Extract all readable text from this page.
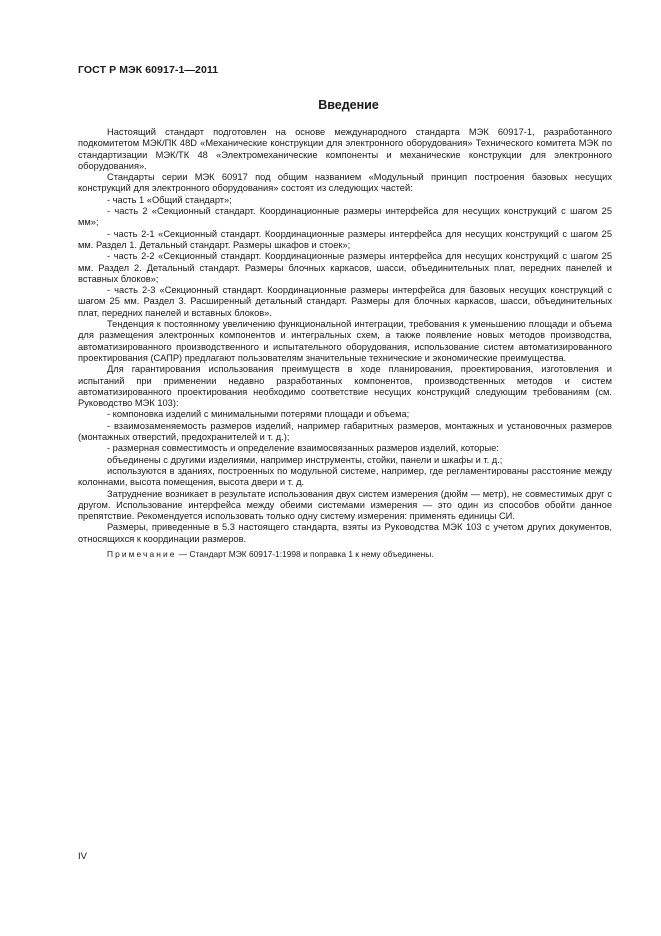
ГОСТ Р МЭК 60917-1—2011
Введение

Настоящий стандарт подготовлен на основе международного стандарта МЭК 60917-1, разработанного подкомитетом МЭК/ПК 48D «Механические конструкции для электронного оборудования» Технического комитета МЭК по стандартизации МЭК/ТК 48 «Электромеханические компоненты и механические конструкции для электронного оборудования».

Стандарты серии МЭК 60917 под общим названием «Модульный принцип построения базовых несущих конструкций для электронного оборудования» состоят из следующих частей:

- часть 1 «Общий стандарт»;

- часть 2 «Секционный стандарт. Координационные размеры интерфейса для несущих конструкций с шагом 25 мм»;

- часть 2-1 «Секционный стандарт. Координационные размеры интерфейса для несущих конструкций с шагом 25 мм. Раздел 1. Детальный стандарт. Размеры шкафов и стоек»;

- часть 2-2 «Секционный стандарт. Координационные размеры интерфейса для несущих конструкций с шагом 25 мм. Раздел 2. Детальный стандарт. Размеры блочных каркасов, шасси, объединительных плат, передних панелей и вставных блоков»;

- часть 2-3 «Секционный стандарт. Координационные размеры интерфейса для базовых несущих конструкций с шагом 25 мм. Раздел 3. Расширенный детальный стандарт. Размеры для блочных каркасов, шасси, объединительных плат, передних панелей и вставных блоков».

Тенденция к постоянному увеличению функциональной интеграции, требования к уменьшению площади и объема для размещения электронных компонентов и интегральных схем, а также появление новых методов производства, автоматизированного производственного и испытательного оборудования, использование систем автоматизированного проектирования (САПР) предлагают пользователям значительные технические и экономические преимущества.

Для гарантирования использования преимуществ в ходе планирования, проектирования, изготовления и испытаний при применении недавно разработанных компонентов, производственных методов и систем автоматизированного проектирования необходимо соответствие несущих конструкций следующим требованиям (см. Руководство МЭК 103):

- компоновка изделий с минимальными потерями площади и объема;

- взаимозаменяемость размеров изделий, например габаритных размеров, монтажных и установочных размеров (монтажных отверстий, предохранителей и т. д.);

- размерная совместимость и определение взаимосвязанных размеров изделий, которые:

объединены с другими изделиями, например инструменты, стойки, панели и шкафы и т. д.;

используются в зданиях, построенных по модульной системе, например, где регламентированы расстояние между колоннами, высота помещения, высота двери и т. д.

Затруднение возникает в результате использования двух систем измерения (дюйм — метр), не совместимых друг с другом. Использование интерфейса между обеими системами измерения — это один из способов обойти данное препятствие. Рекомендуется использовать только одну систему измерения: применять единицы СИ.

Размеры, приведенные в 5.3 настоящего стандарта, взяты из Руководства МЭК 103 с учетом других документов, относящихся к координации размеров.

Примечание — Стандарт МЭК 60917-1:1998 и поправка 1 к нему объединены.

IV
